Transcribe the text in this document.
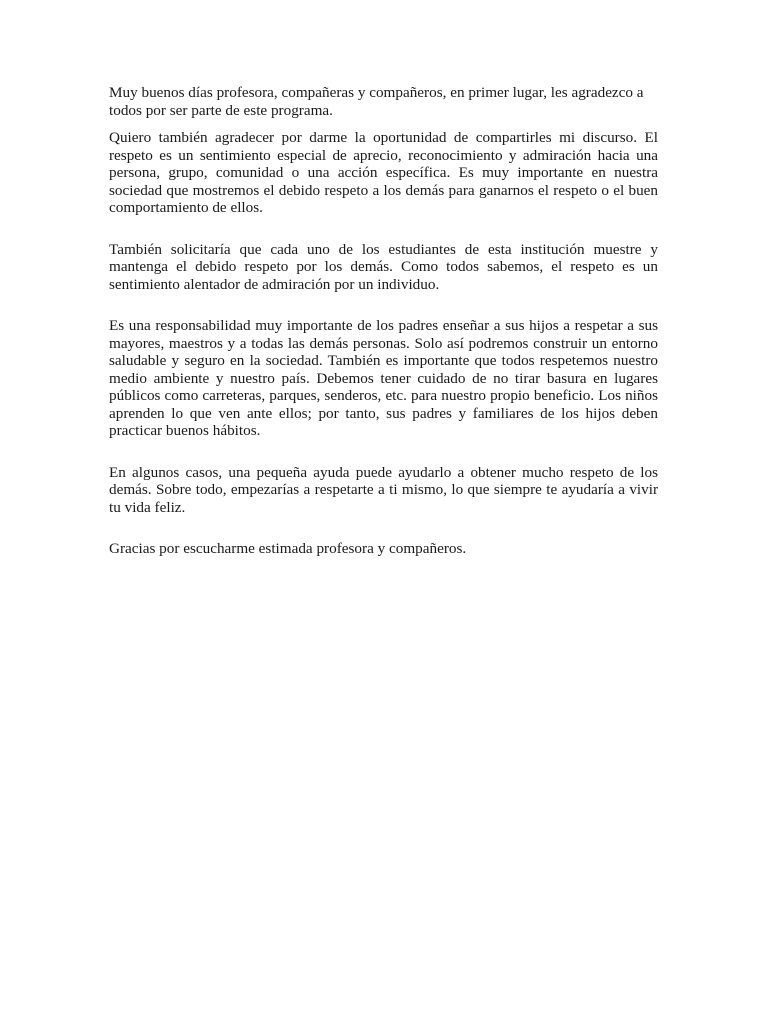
Muy buenos días profesora, compañeras y compañeros, en primer lugar, les agradezco a todos por ser parte de este programa.

Quiero también agradecer por darme la oportunidad de compartirles mi discurso. El respeto es un sentimiento especial de aprecio, reconocimiento y admiración hacia una persona, grupo, comunidad o una acción específica. Es muy importante en nuestra sociedad que mostremos el debido respeto a los demás para ganarnos el respeto o el buen comportamiento de ellos.

También solicitaría que cada uno de los estudiantes de esta institución muestre y mantenga el debido respeto por los demás. Como todos sabemos, el respeto es un sentimiento alentador de admiración por un individuo.

Es una responsabilidad muy importante de los padres enseñar a sus hijos a respetar a sus mayores, maestros y a todas las demás personas. Solo así podremos construir un entorno saludable y seguro en la sociedad. También es importante que todos respetemos nuestro medio ambiente y nuestro país. Debemos tener cuidado de no tirar basura en lugares públicos como carreteras, parques, senderos, etc. para nuestro propio beneficio. Los niños aprenden lo que ven ante ellos; por tanto, sus padres y familiares de los hijos deben practicar buenos hábitos.

En algunos casos, una pequeña ayuda puede ayudarlo a obtener mucho respeto de los demás. Sobre todo, empezarías a respetarte a ti mismo, lo que siempre te ayudaría a vivir tu vida feliz.

Gracias por escucharme estimada profesora y compañeros.
